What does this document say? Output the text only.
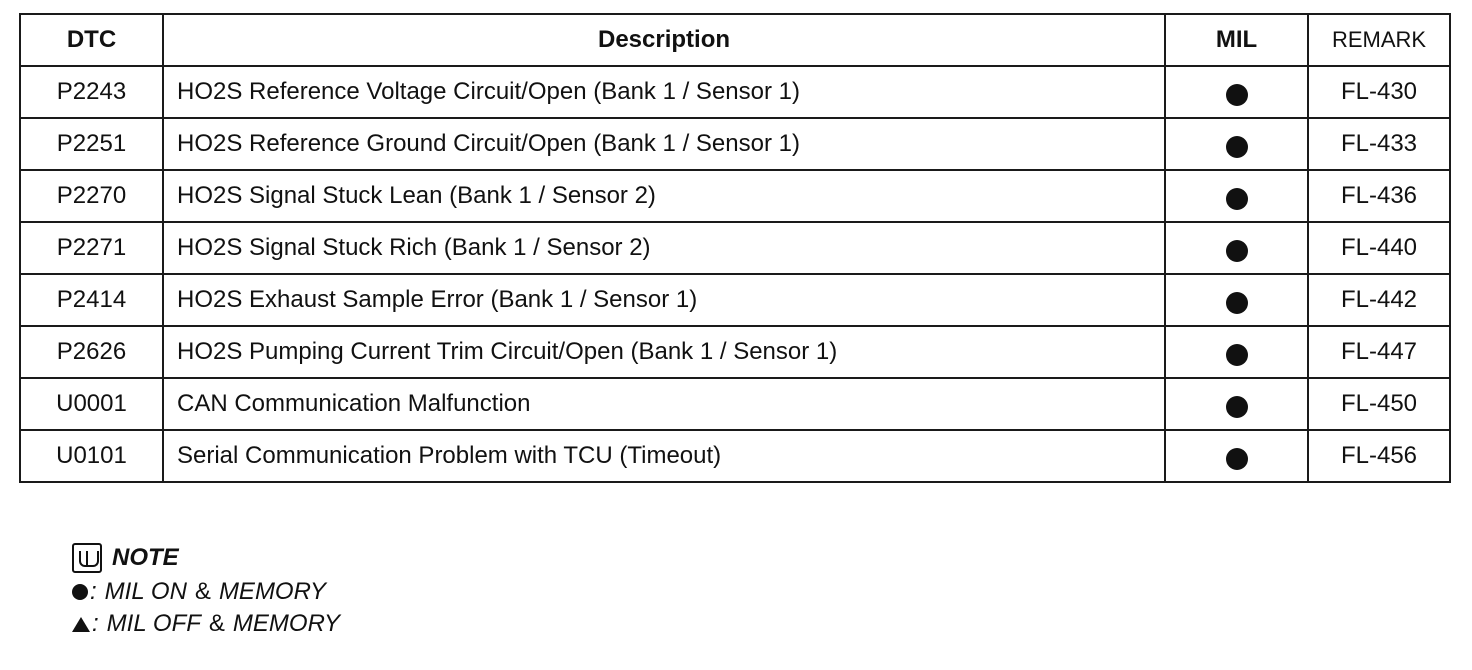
DTC	Description	MIL	REMARK
P2243	HO2S Reference Voltage Circuit/Open (Bank 1 / Sensor 1)		FL-430
P2251	HO2S Reference Ground Circuit/Open (Bank 1 / Sensor 1)		FL-433
P2270	HO2S Signal Stuck Lean (Bank 1 / Sensor 2)		FL-436
P2271	HO2S Signal Stuck Rich (Bank 1 / Sensor 2)		FL-440
P2414	HO2S Exhaust Sample Error (Bank 1 / Sensor 1)		FL-442
P2626	HO2S Pumping Current Trim Circuit/Open (Bank 1 / Sensor 1)		FL-447
U0001	CAN Communication Malfunction		FL-450
U0101	Serial Communication Problem with TCU (Timeout)		FL-456
NOTE
: MIL ON & MEMORY
: MIL OFF & MEMORY
